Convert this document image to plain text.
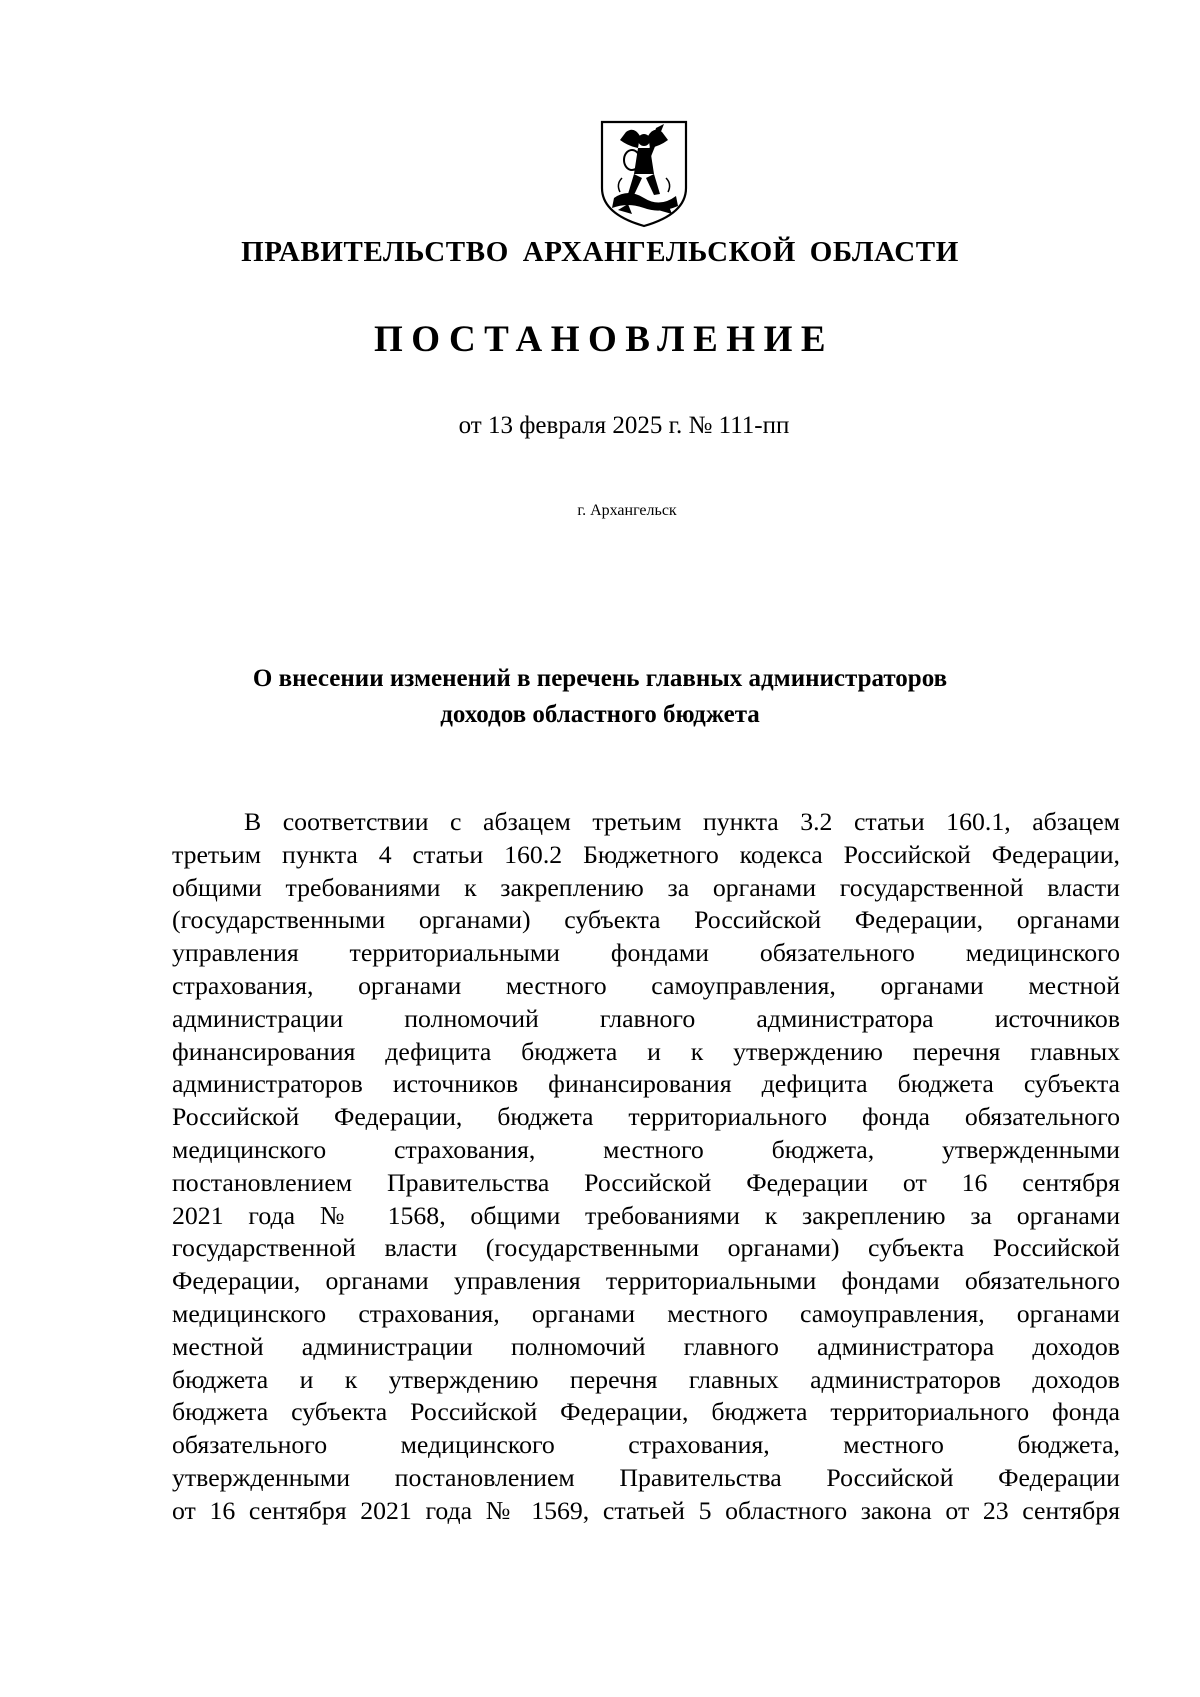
ПРАВИТЕЛЬСТВО АРХАНГЕЛЬСКОЙ ОБЛАСТИ
ПОСТАНОВЛЕНИЕ
от 13 февраля 2025 г. № 111-пп
г. Архангельск
О внесении изменений в перечень главных администраторов
доходов областного бюджета
В соответствии с абзацем третьим пункта 3.2 статьи 160.1, абзацем
третьим пункта 4 статьи 160.2 Бюджетного кодекса Российской Федерации,
общими требованиями к закреплению за органами государственной власти
(государственными органами) субъекта Российской Федерации, органами
управления территориальными фондами обязательного медицинского
страхования, органами местного самоуправления, органами местной
администрации полномочий главного администратора источников
финансирования дефицита бюджета и к утверждению перечня главных
администраторов источников финансирования дефицита бюджета субъекта
Российской Федерации, бюджета территориального фонда обязательного
медицинского страхования, местного бюджета, утвержденными
постановлением Правительства Российской Федерации от 16 сентября
2021 года № 1568, общими требованиями к закреплению за органами
государственной власти (государственными органами) субъекта Российской
Федерации, органами управления территориальными фондами обязательного
медицинского страхования, органами местного самоуправления, органами
местной администрации полномочий главного администратора доходов
бюджета и к утверждению перечня главных администраторов доходов
бюджета субъекта Российской Федерации, бюджета территориального фонда
обязательного медицинского страхования, местного бюджета,
утвержденными постановлением Правительства Российской Федерации
от 16 сентября 2021 года № 1569, статьей 5 областного закона от 23 сентября
